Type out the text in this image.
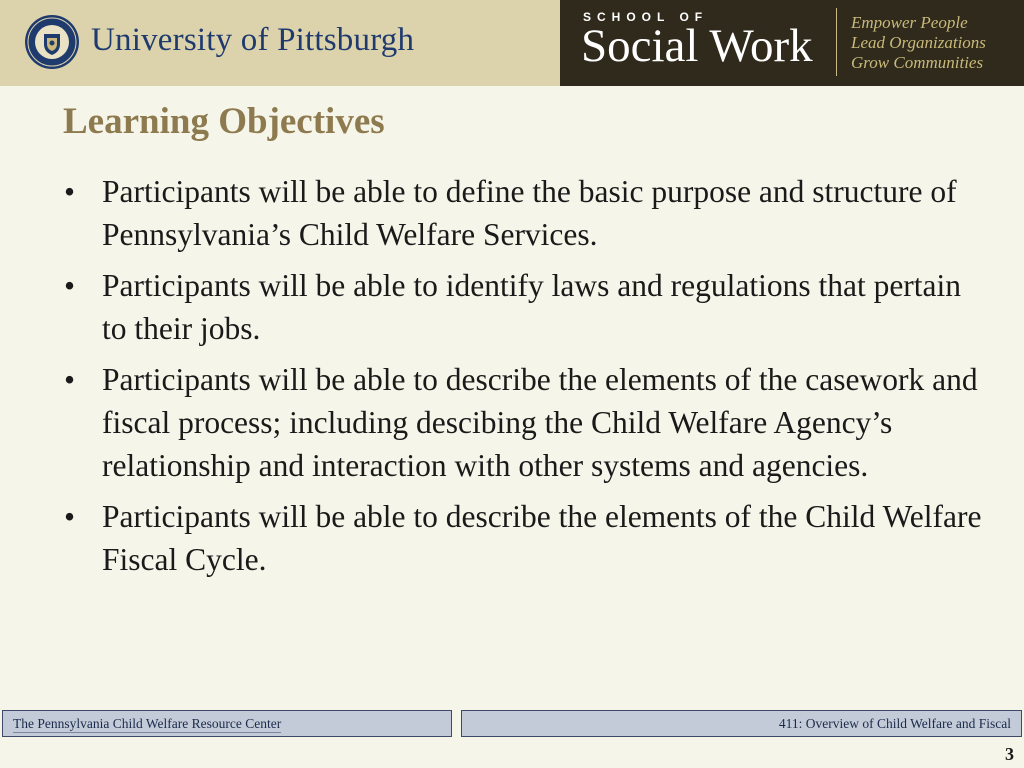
University of Pittsburgh
SCHOOL OF
Social Work Empower People
Lead Organizations
Grow Communities
Learning Objectives
• Participants will be able to define the basic purpose and structure of Pennsylvania’s Child Welfare Services.
• Participants will be able to identify laws and regulations that pertain to their jobs.
• Participants will be able to describe the elements of the casework and fiscal process; including descibing the Child Welfare Agency’s relationship and interaction with other systems and agencies.
• Participants will be able to describe the elements of the Child Welfare Fiscal Cycle.
The Pennsylvania Child Welfare Resource Center	411: Overview of Child Welfare and Fiscal
3
